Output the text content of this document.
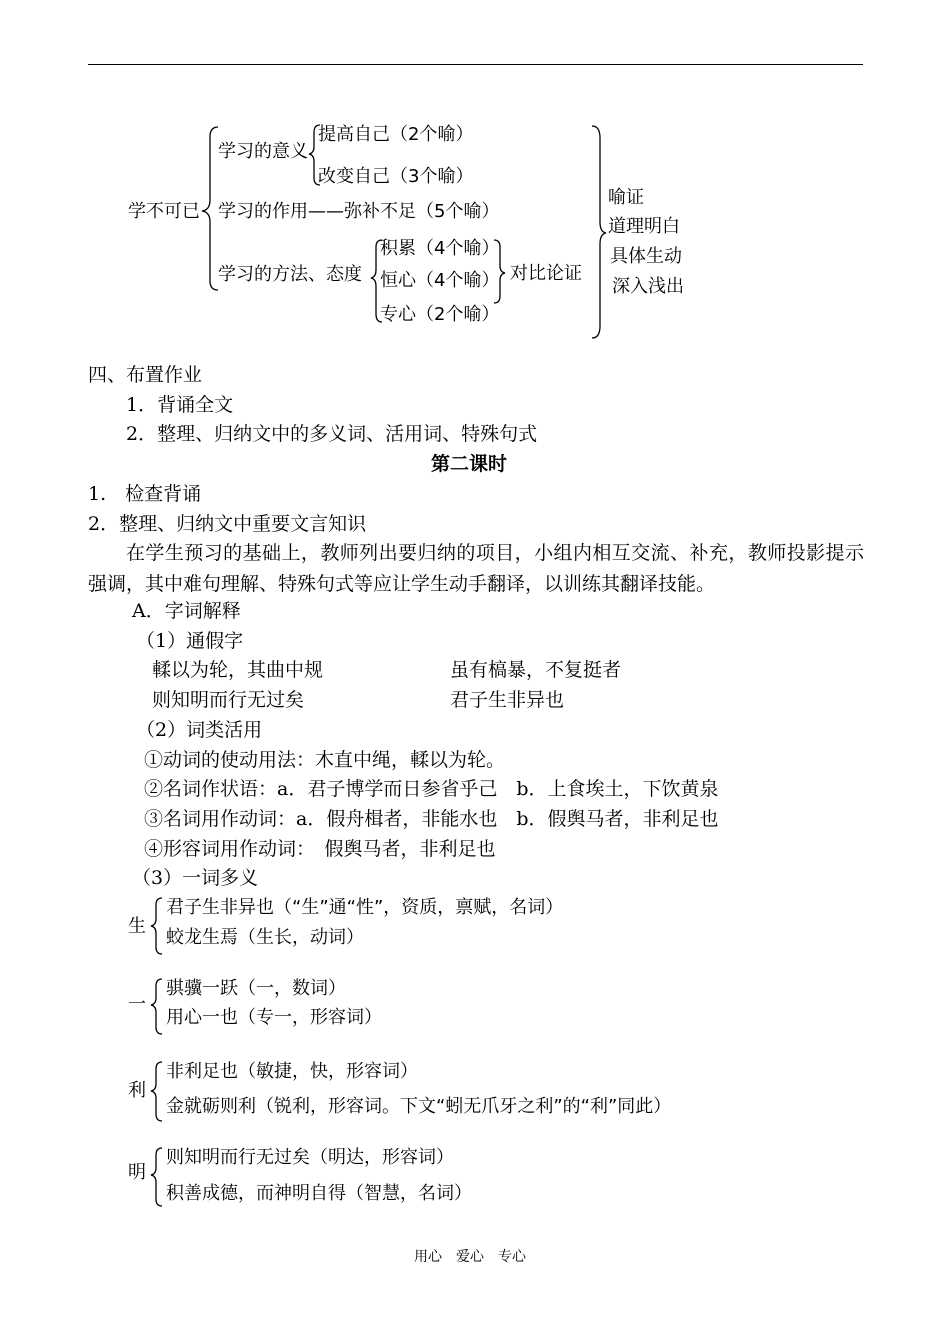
学不可已
学习的意义
提高自己（2个喻）
改变自己（3个喻）
学习的作用——弥补不足（5个喻）
学习的方法、态度
积累（4个喻）
恒心（4个喻）
专心（2个喻）
对比论证
喻证
道理明白
具体生动
深入浅出
四、布置作业
1．背诵全文
2．整理、归纳文中的多义词、活用词、特殊句式
第二课时
1.　检查背诵
2．整理、归纳文中重要文言知识
在学生预习的基础上，教师列出要归纳的项目，小组内相互交流、补充，教师投影提示强调，其中难句理解、特殊句式等应让学生动手翻译，以训练其翻译技能。
A．字词解释
（1）通假字
輮以为轮，其曲中规	虽有槁暴，不复挺者
则知明而行无过矣	君子生非异也
（2）词类活用
①动词的使动用法：木直中绳，輮以为轮。
②名词作状语：a．君子博学而日参省乎己　b．上食埃土，下饮黄泉
③名词用作动词：a．假舟楫者，非能水也　b．假舆马者，非利足也
④形容词用作动词：　假舆马者，非利足也
（3）一词多义
生
君子生非异也（“生”通“性”，资质，禀赋，名词）
蛟龙生焉（生长，动词）
一
骐骥一跃（一，数词）
用心一也（专一，形容词）
利
非利足也（敏捷，快，形容词）
金就砺则利（锐利，形容词。下文“蚓无爪牙之利”的“利”同此）
明
则知明而行无过矣（明达，形容词）
积善成德，而神明自得（智慧，名词）
用心　爱心　专心
